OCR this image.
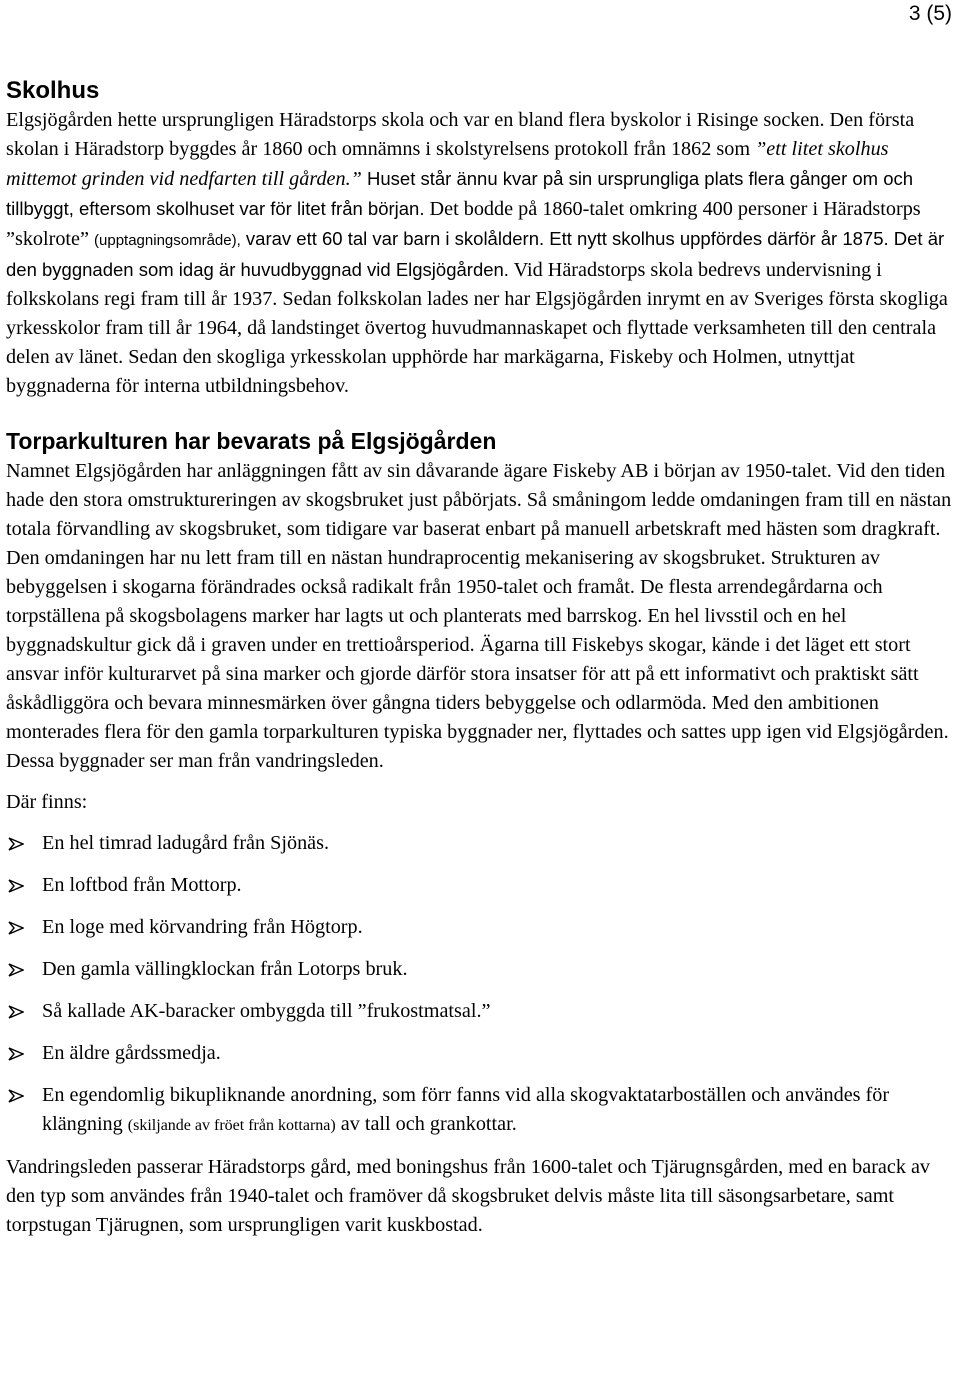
3 (5)
Skolhus

Elgsjögården hette ursprungligen Häradstorps skola och var en bland flera byskolor i Risinge socken. Den första skolan i Häradstorp byggdes år 1860 och omnämns i skolstyrelsens protokoll från 1862 som ”ett litet skolhus mittemot grinden vid nedfarten till gården.” Huset står ännu kvar på sin ursprungliga plats flera gånger om och tillbyggt, eftersom skolhuset var för litet från början. Det bodde på 1860-talet omkring 400 personer i Häradstorps ”skolrote” (upptagningsområde), varav ett 60 tal var barn i skolåldern. Ett nytt skolhus uppfördes därför år 1875. Det är den byggnaden som idag är huvudbyggnad vid Elgsjögården. Vid Häradstorps skola bedrevs undervisning i folkskolans regi fram till år 1937. Sedan folkskolan lades ner har Elgsjögården inrymt en av Sveriges första skogliga yrkesskolor fram till år 1964, då landstinget övertog huvudmannaskapet och flyttade verksamheten till den centrala delen av länet. Sedan den skogliga yrkesskolan upphörde har markägarna, Fiskeby och Holmen, utnyttjat byggnaderna för interna utbildningsbehov.

Torparkulturen har bevarats på Elgsjögården

Namnet Elgsjögården har anläggningen fått av sin dåvarande ägare Fiskeby AB i början av 1950-talet. Vid den tiden hade den stora omstruktureringen av skogsbruket just påbörjats. Så småningom ledde omdaningen fram till en nästan totala förvandling av skogsbruket, som tidigare var baserat enbart på manuell arbetskraft med hästen som dragkraft. Den omdaningen har nu lett fram till en nästan hundraprocentig mekanisering av skogsbruket. Strukturen av bebyggelsen i skogarna förändrades också radikalt från 1950-talet och framåt. De flesta arrendegårdarna och torpställena på skogsbolagens marker har lagts ut och planterats med barrskog. En hel livsstil och en hel byggnadskultur gick då i graven under en trettioårsperiod. Ägarna till Fiskebys skogar, kände i det läget ett stort ansvar inför kulturarvet på sina marker och gjorde därför stora insatser för att på ett informativt och praktiskt sätt åskådliggöra och bevara minnesmärken över gångna tiders bebyggelse och odlarmöda. Med den ambitionen monterades flera för den gamla torparkulturen typiska byggnader ner, flyttades och sattes upp igen vid Elgsjögården. Dessa byggnader ser man från vandringsleden.

Där finns:

En hel timrad ladugård från Sjönäs.
En loftbod från Mottorp.
En loge med körvandring från Högtorp.
Den gamla vällingklockan från Lotorps bruk.
Så kallade AK-baracker ombyggda till ”frukostmatsal.”
En äldre gårdssmedja.
En egendomlig bikupliknande anordning, som förr fanns vid alla skogvaktatarboställen och användes för klängning (skiljande av fröet från kottarna) av tall och grankottar.

Vandringsleden passerar Häradstorps gård, med boningshus från 1600-talet och Tjärugnsgården, med en barack av den typ som användes från 1940-talet och framöver då skogsbruket delvis måste lita till säsongsarbetare, samt torpstugan Tjärugnen, som ursprungligen varit kuskbostad.
